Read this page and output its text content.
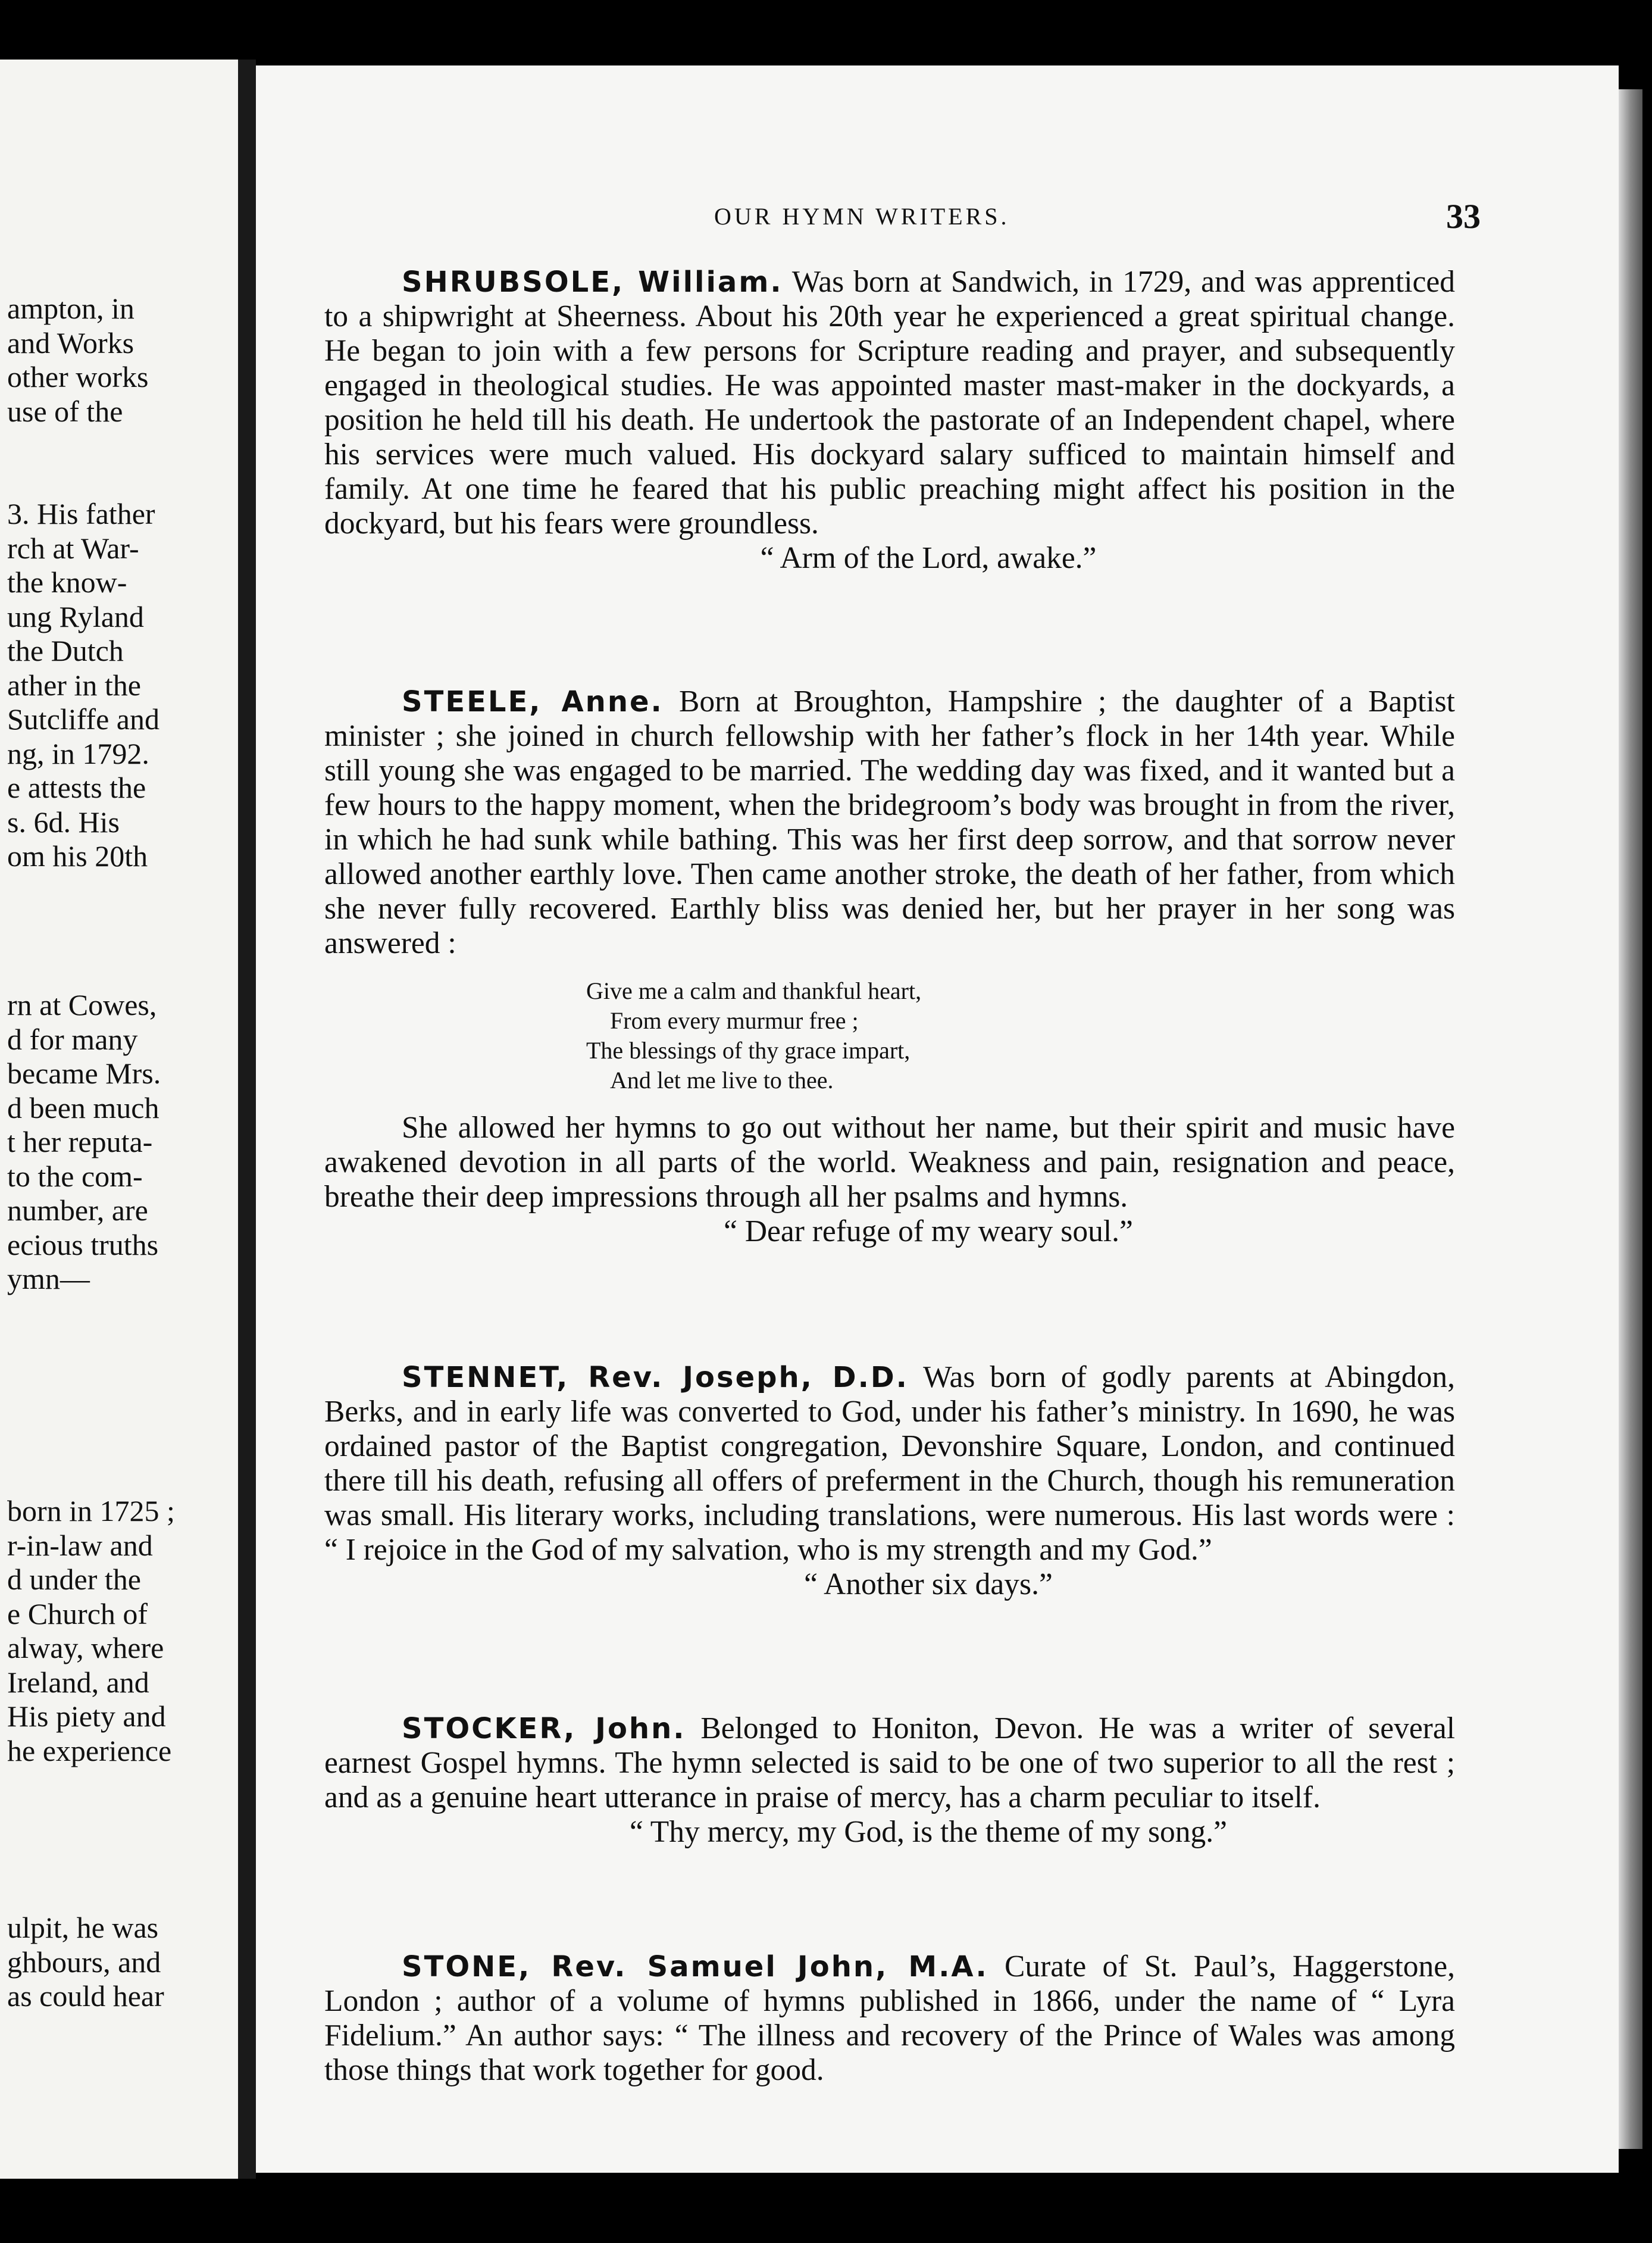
ampton, in
and Works
other works
use of the
3. His father
rch at War-
the know-
ung Ryland
the Dutch
ather in the
Sutcliffe and
ng, in 1792.
e attests the
s. 6d. His
om his 20th
rn at Cowes,
d for many
became Mrs.
d been much
t her reputa-
to the com-
number, are
ecious truths
ymn—
born in 1725 ;
r-in-law and
d under the
e Church of
alway, where
Ireland, and
His piety and
he experience
ulpit, he was
ghbours, and
as could hear
OUR HYMN WRITERS.	33

SHRUBSOLE, William. Was born at Sandwich, in 1729, and was apprenticed to a shipwright at Sheerness. About his 20th year he experienced a great spiritual change. He began to join with a few persons for Scripture reading and prayer, and subsequently engaged in theological studies. He was appointed master mast-maker in the dockyards, a position he held till his death. He undertook the pastorate of an Independent chapel, where his services were much valued. His dockyard salary sufficed to maintain himself and family. At one time he feared that his public preaching might affect his position in the dockyard, but his fears were groundless.

“ Arm of the Lord, awake.”

STEELE, Anne. Born at Broughton, Hampshire ; the daughter of a Baptist minister ; she joined in church fellowship with her father’s flock in her 14th year. While still young she was engaged to be married. The wedding day was fixed, and it wanted but a few hours to the happy moment, when the bridegroom’s body was brought in from the river, in which he had sunk while bathing. This was her first deep sorrow, and that sorrow never allowed another earthly love. Then came another stroke, the death of her father, from which she never fully recovered. Earthly bliss was denied her, but her prayer in her song was answered :

Give me a calm and thankful heart,
From every murmur free ;
The blessings of thy grace impart,
And let me live to thee.

She allowed her hymns to go out without her name, but their spirit and music have awakened devotion in all parts of the world. Weakness and pain, resignation and peace, breathe their deep impressions through all her psalms and hymns.

“ Dear refuge of my weary soul.”

STENNET, Rev. Joseph, D.D. Was born of godly parents at Abingdon, Berks, and in early life was converted to God, under his father’s ministry. In 1690, he was ordained pastor of the Baptist congregation, Devonshire Square, London, and continued there till his death, refusing all offers of preferment in the Church, though his remuneration was small. His literary works, including translations, were numerous. His last words were : “ I rejoice in the God of my salvation, who is my strength and my God.”

“ Another six days.”

STOCKER, John. Belonged to Honiton, Devon. He was a writer of several earnest Gospel hymns. The hymn selected is said to be one of two superior to all the rest ; and as a genuine heart utterance in praise of mercy, has a charm peculiar to itself.

“ Thy mercy, my God, is the theme of my song.”

STONE, Rev. Samuel John, M.A. Curate of St. Paul’s, Haggerstone, London ; author of a volume of hymns published in 1866, under the name of “ Lyra Fidelium.” An author says: “ The illness and recovery of the Prince of Wales was among those things that work together for good.
